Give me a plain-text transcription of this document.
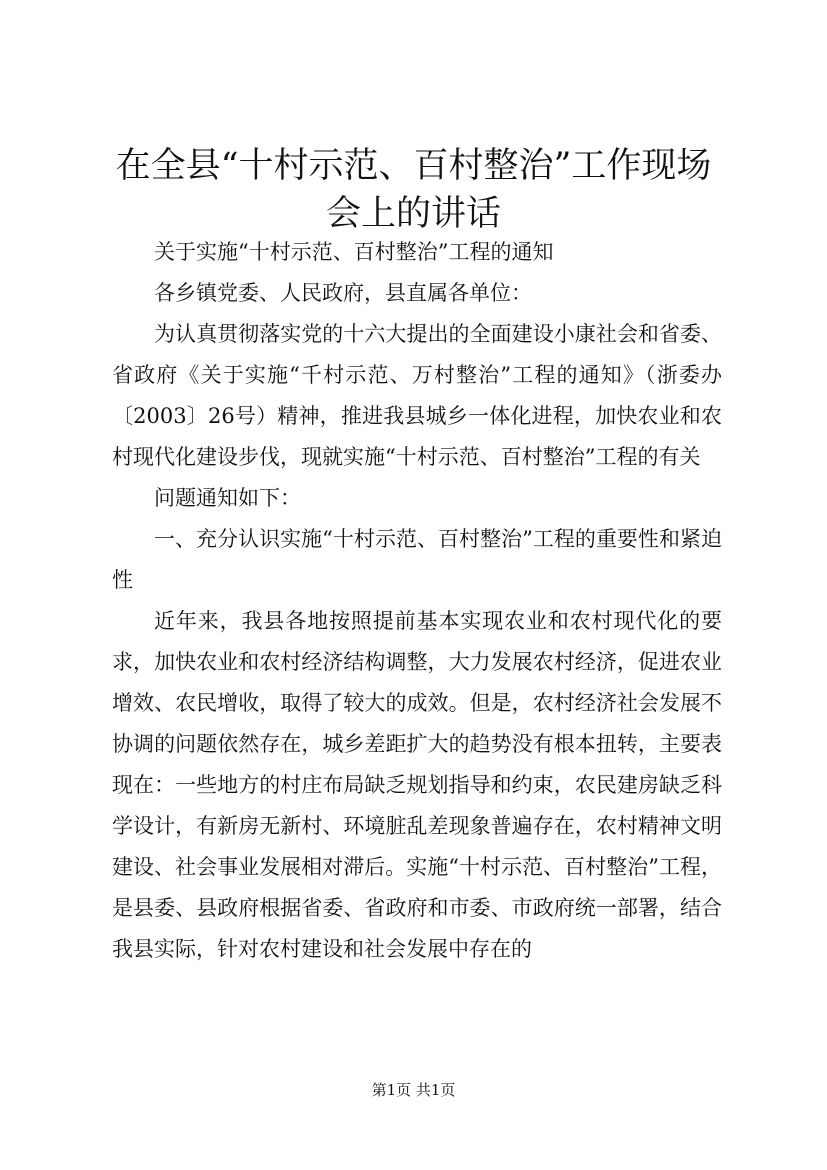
在全县“十村示范、百村整治”工作现场会上的讲话

关于实施“十村示范、百村整治”工程的通知

各乡镇党委、人民政府，县直属各单位：

为认真贯彻落实党的十六大提出的全面建设小康社会和省委、省政府《关于实施“千村示范、万村整治”工程的通知》（浙委办〔2003〕26号）精神，推进我县城乡一体化进程，加快农业和农村现代化建设步伐，现就实施“十村示范、百村整治”工程的有关

问题通知如下：

一、充分认识实施“十村示范、百村整治”工程的重要性和紧迫性

近年来，我县各地按照提前基本实现农业和农村现代化的要求，加快农业和农村经济结构调整，大力发展农村经济，促进农业增效、农民增收，取得了较大的成效。但是，农村经济社会发展不协调的问题依然存在，城乡差距扩大的趋势没有根本扭转，主要表现在：一些地方的村庄布局缺乏规划指导和约束，农民建房缺乏科学设计，有新房无新村、环境脏乱差现象普遍存在，农村精神文明建设、社会事业发展相对滞后。实施“十村示范、百村整治”工程，是县委、县政府根据省委、省政府和市委、市政府统一部署，结合我县实际，针对农村建设和社会发展中存在的

第1页 共1页
